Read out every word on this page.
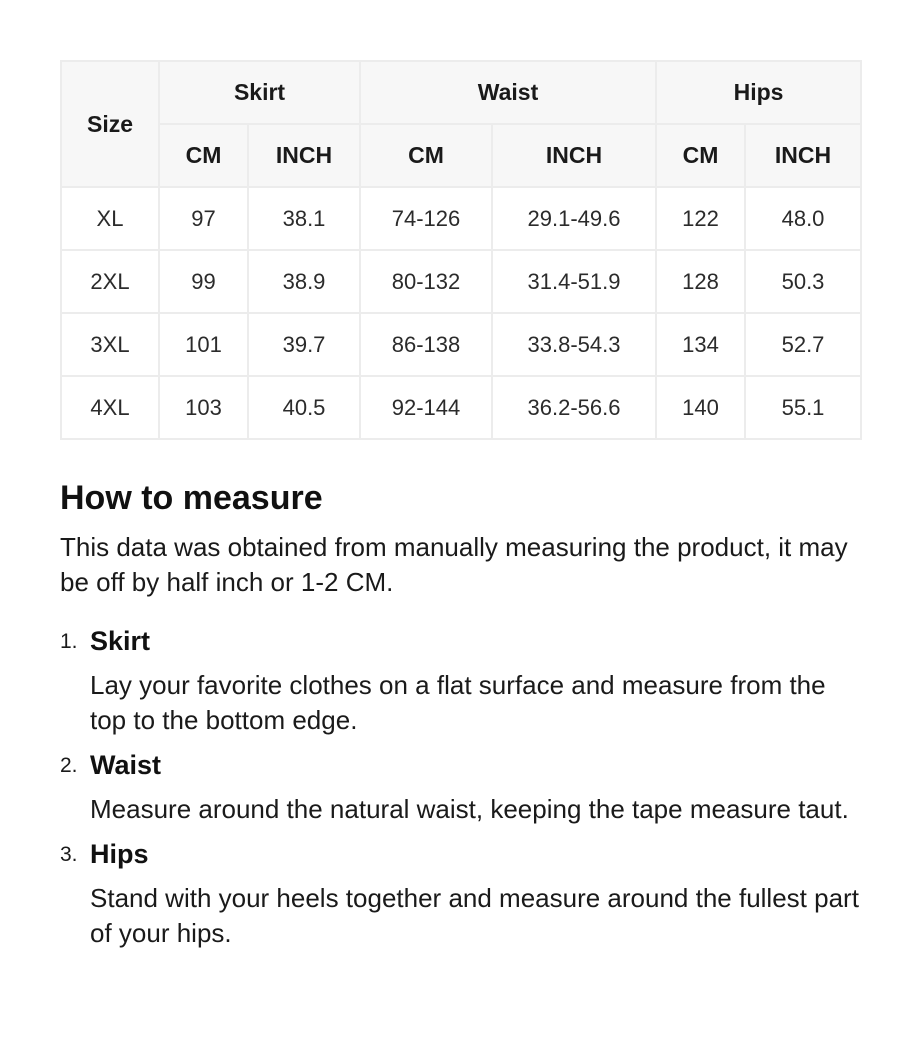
Size	Skirt		Waist		Hips	
	CM	INCH	CM	INCH	CM	INCH
XL	97	38.1	74-126	29.1-49.6	122	48.0
2XL	99	38.9	80-132	31.4-51.9	128	50.3
3XL	101	39.7	86-138	33.8-54.3	134	52.7
4XL	103	40.5	92-144	36.2-56.6	140	55.1
How to measure

This data was obtained from manually measuring the product, it may be off by half inch or 1-2 CM.

1. Skirt
Lay your favorite clothes on a flat surface and measure from the top to the bottom edge.
2. Waist
Measure around the natural waist, keeping the tape measure taut.
3. Hips
Stand with your heels together and measure around the fullest part of your hips.
